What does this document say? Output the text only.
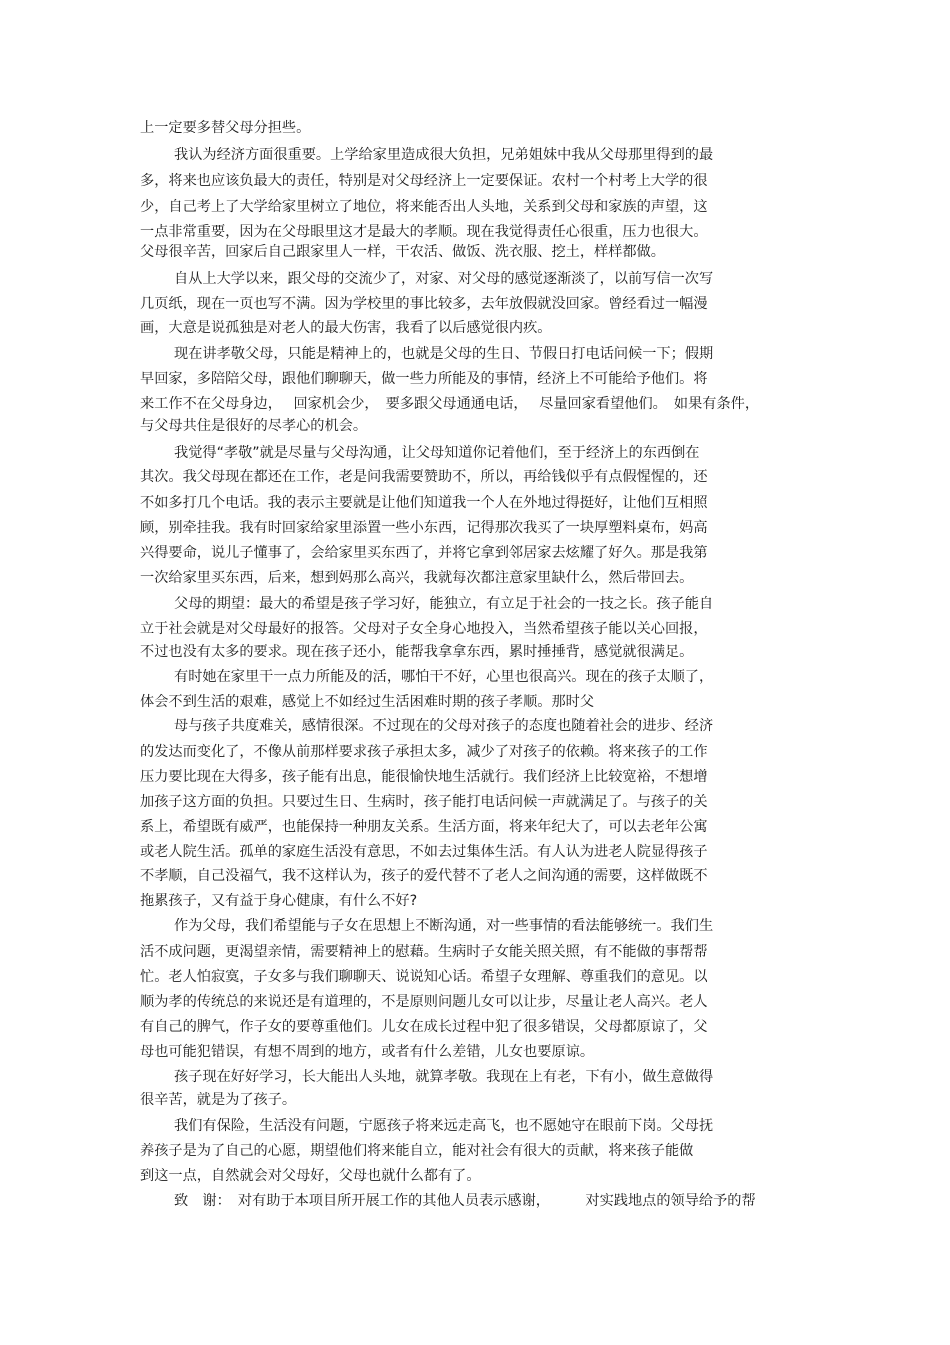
上一定要多替父母分担些。
我认为经济方面很重要。上学给家里造成很大负担，兄弟姐妹中我从父母那里得到的最
多，将来也应该负最大的责任，特别是对父母经济上一定要保证。农村一个村考上大学的很
少，自己考上了大学给家里树立了地位，将来能否出人头地，关系到父母和家族的声望，这
一点非常重要，因为在父母眼里这才是最大的孝顺。现在我觉得责任心很重，压力也很大。
父母很辛苦，回家后自己跟家里人一样，干农活、做饭、洗衣服、挖土，样样都做。
自从上大学以来，跟父母的交流少了，对家、对父母的感觉逐渐淡了，以前写信一次写
几页纸，现在一页也写不满。因为学校里的事比较多，去年放假就没回家。曾经看过一幅漫
画，大意是说孤独是对老人的最大伤害，我看了以后感觉很内疚。
现在讲孝敬父母，只能是精神上的，也就是父母的生日、节假日打电话问候一下；假期
早回家，多陪陪父母，跟他们聊聊天，做一些力所能及的事情，经济上不可能给予他们。将
来工作不在父母身边，　 回家机会少，　要多跟父母通通电话，　 尽量回家看望他们。　如果有条件，
与父母共住是很好的尽孝心的机会。
我觉得“孝敬”就是尽量与父母沟通，让父母知道你记着他们，至于经济上的东西倒在
其次。我父母现在都还在工作，老是问我需要赞助不，所以，再给钱似乎有点假惺惺的，还
不如多打几个电话。我的表示主要就是让他们知道我一个人在外地过得挺好，让他们互相照
顾，别牵挂我。我有时回家给家里添置一些小东西，记得那次我买了一块厚塑料桌布，妈高
兴得要命，说儿子懂事了，会给家里买东西了，并将它拿到邻居家去炫耀了好久。那是我第
一次给家里买东西，后来，想到妈那么高兴，我就每次都注意家里缺什么，然后带回去。
父母的期望：最大的希望是孩子学习好，能独立，有立足于社会的一技之长。孩子能自
立于社会就是对父母最好的报答。父母对子女全身心地投入，当然希望孩子能以关心回报，
不过也没有太多的要求。现在孩子还小，能帮我拿拿东西，累时捶捶背，感觉就很满足。
有时她在家里干一点力所能及的活，哪怕干不好，心里也很高兴。现在的孩子太顺了，
体会不到生活的艰难，感觉上不如经过生活困难时期的孩子孝顺。那时父
母与孩子共度难关，感情很深。不过现在的父母对孩子的态度也随着社会的进步、经济
的发达而变化了，不像从前那样要求孩子承担太多，减少了对孩子的依赖。将来孩子的工作
压力要比现在大得多，孩子能有出息，能很愉快地生活就行。我们经济上比较宽裕，不想增
加孩子这方面的负担。只要过生日、生病时，孩子能打电话问候一声就满足了。与孩子的关
系上，希望既有威严，也能保持一种朋友关系。生活方面，将来年纪大了，可以去老年公寓
或老人院生活。孤单的家庭生活没有意思，不如去过集体生活。有人认为进老人院显得孩子
不孝顺，自己没福气，我不这样认为，孩子的爱代替不了老人之间沟通的需要，这样做既不
拖累孩子，又有益于身心健康，有什么不好?
作为父母，我们希望能与子女在思想上不断沟通，对一些事情的看法能够统一。我们生
活不成问题，更渴望亲情，需要精神上的慰藉。生病时子女能关照关照，有不能做的事帮帮
忙。老人怕寂寞，子女多与我们聊聊天、说说知心话。希望子女理解、尊重我们的意见。以
顺为孝的传统总的来说还是有道理的，不是原则问题儿女可以让步，尽量让老人高兴。老人
有自己的脾气，作子女的要尊重他们。儿女在成长过程中犯了很多错误，父母都原谅了，父
母也可能犯错误，有想不周到的地方，或者有什么差错，儿女也要原谅。
孩子现在好好学习，长大能出人头地，就算孝敬。我现在上有老，下有小，做生意做得
很辛苦，就是为了孩子。
我们有保险，生活没有问题，宁愿孩子将来远走高飞，也不愿她守在眼前下岗。父母抚
养孩子是为了自己的心愿，期望他们将来能自立，能对社会有很大的贡献，将来孩子能做
到这一点，自然就会对父母好，父母也就什么都有了。
致　谢：　对有助于本项目所开展工作的其他人员表示感谢，　　　对实践地点的领导给予的帮
